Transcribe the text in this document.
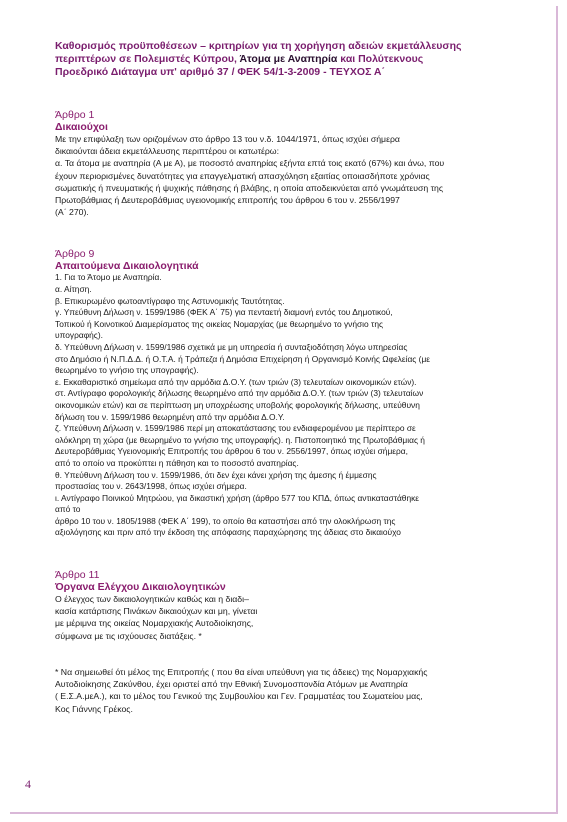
Καθορισμός προϋποθέσεων – κριτηρίων για τη χορήγηση αδειών εκμετάλλευσης
περιπτέρων σε Πολεμιστές Κύπρου, Άτομα με Αναπηρία και Πολύτεκνους
Προεδρικό Διάταγμα υπ' αριθμό 37 / ΦΕΚ 54/1-3-2009 - ΤΕΥΧΟΣ Α΄
Άρθρο 1
Δικαιούχοι

Με την επιφύλαξη των οριζομένων στο άρθρο 13 του ν.δ. 1044/1971, όπως ισχύει σήμερα

δικαιούνται άδεια εκμετάλλευσης περιπτέρου οι κατωτέρω:

α. Τα άτομα με αναπηρία (Α με Α), με ποσοστό αναπηρίας εξήντα επτά τοις εκατό (67%) και άνω, που

έχουν περιορισμένες δυνατότητες για επαγγελματική απασχόληση εξαιτίας οποιασδήποτε χρόνιας

σωματικής ή πνευματικής ή ψυχικής πάθησης ή βλάβης, η οποία αποδεικνύεται από γνωμάτευση της

Πρωτοβάθμιας ή Δευτεροβάθμιας υγειονομικής επιτροπής του άρθρου 6 του ν. 2556/1997

(Α΄ 270).

Άρθρο 9
Απαιτούμενα Δικαιολογητικά

1. Για το Άτομο με Αναπηρία.

α. Αίτηση.

β. Επικυρωμένο φωτοαντίγραφο της Αστυνομικής Ταυτότητας.

γ. Υπεύθυνη Δήλωση ν. 1599/1986 (ΦΕΚ Α΄ 75) για πενταετή διαμονή εντός του Δημοτικού,

Τοπικού ή Κοινοτικού Διαμερίσματος της οικείας Νομαρχίας (με θεωρημένο το γνήσιο της

υπογραφής).

δ. Υπεύθυνη Δήλωση ν. 1599/1986 σχετικά με μη υπηρεσία ή συνταξιοδότηση λόγω υπηρεσίας

στο Δημόσιο ή Ν.Π.Δ.Δ. ή Ο.Τ.Α. ή Τράπεζα ή Δημόσια Επιχείρηση ή Οργανισμό Κοινής Ωφελείας (με

θεωρημένο το γνήσιο της υπογραφής).

ε. Εκκαθαριστικό σημείωμα από την αρμόδια Δ.Ο.Υ. (των τριών (3) τελευταίων οικονομικών ετών).

στ. Αντίγραφο φορολογικής δήλωσης θεωρημένο από την αρμόδια Δ.Ο.Υ. (των τριών (3) τελευταίων

οικονομικών ετών) και σε περίπτωση μη υποχρέωσης υποβολής φορολογικής δήλωσης, υπεύθυνη

δήλωση του ν. 1599/1986 θεωρημένη από την αρμόδια Δ.Ο.Υ.

ζ. Υπεύθυνη Δήλωση ν. 1599/1986 περί μη αποκατάστασης του ενδιαφερομένου με περίπτερο σε

ολόκληρη τη χώρα (με θεωρημένο το γνήσιο της υπογραφής). η. Πιστοποιητικό της Πρωτοβάθμιας ή

Δευτεροβάθμιας Υγειονομικής Επιτροπής του άρθρου 6 του ν. 2556/1997, όπως ισχύει σήμερα,

από το οποίο να προκύπτει η πάθηση και το ποσοστό αναπηρίας.

θ. Υπεύθυνη Δήλωση του ν. 1599/1986, ότι δεν έχει κάνει χρήση της άμεσης ή έμμεσης

προστασίας του ν. 2643/1998, όπως ισχύει σήμερα.

ι. Αντίγραφο Ποινικού Μητρώου, για δικαστική χρήση (άρθρο 577 του ΚΠΔ, όπως αντικαταστάθηκε

από το

άρθρο 10 του ν. 1805/1988 (ΦΕΚ Α΄ 199), το οποίο θα καταστήσει από την ολοκλήρωση της

αξιολόγησης και πριν από την έκδοση της απόφασης παραχώρησης της άδειας στο δικαιούχο

Άρθρο 11
Όργανα Ελέγχου Δικαιολογητικών

Ο έλεγχος των δικαιολογητικών καθώς και η διαδι–

κασία κατάρτισης Πινάκων δικαιούχων και μη, γίνεται

με μέριμνα της οικείας Νομαρχιακής Αυτοδιοίκησης,

σύμφωνα με τις ισχύουσες διατάξεις. *

* Να σημειωθεί ότι μέλος της Επιτροπής ( που θα είναι υπεύθυνη για τις άδειες) της Νομαρχιακής

Αυτοδιοίκησης Ζακύνθου, έχει οριστεί από την Εθνική Συνομοσπονδία Ατόμων με Αναπηρία

( Ε.Σ.Α.μεΑ.), και το μέλος του Γενικού της Συμβουλίου και Γεν. Γραμματέας του Σωματείου μας,

Κος Γιάννης Γρέκος.

4
